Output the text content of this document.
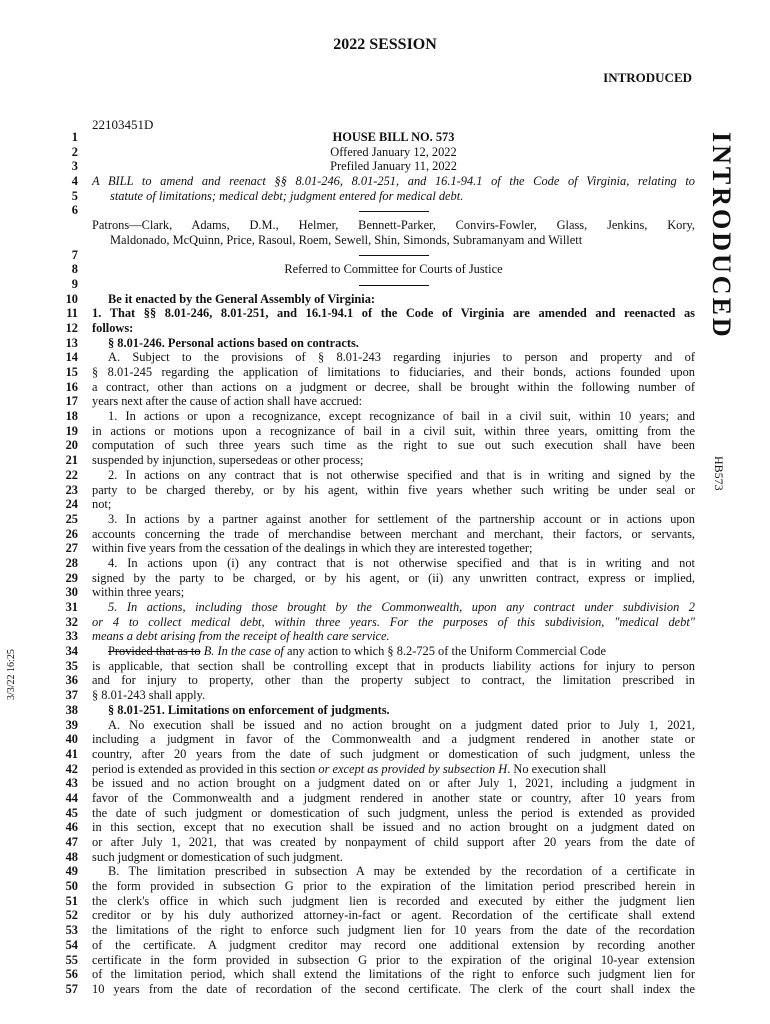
2022 SESSION
INTRODUCED
22103451D
INTRODUCED
HB573
3/3/22 16:25
1	HOUSE BILL NO. 573
2	Offered January 12, 2022
3	Prefiled January 11, 2022
4 A BILL to amend and reenact §§ 8.01-246, 8.01-251, and 16.1-94.1 of the Code of Virginia, relating to
5	statute of limitations; medical debt; judgment entered for medical debt.
6
Patrons—Clark, Adams, D.M., Helmer, Bennett-Parker, Convirs-Fowler, Glass, Jenkins, Kory,
Maldonado, McQuinn, Price, Rasoul, Roem, Sewell, Shin, Simonds, Subramanyam and Willett
7
8	Referred to Committee for Courts of Justice
9
10	Be it enacted by the General Assembly of Virginia:
11 1. That §§ 8.01-246, 8.01-251, and 16.1-94.1 of the Code of Virginia are amended and reenacted as
12 follows:
13	§ 8.01-246. Personal actions based on contracts.
14	A. Subject to the provisions of § 8.01-243 regarding injuries to person and property and of
15 § 8.01-245 regarding the application of limitations to fiduciaries, and their bonds, actions founded upon
16 a contract, other than actions on a judgment or decree, shall be brought within the following number of
17 years next after the cause of action shall have accrued:
18	1. In actions or upon a recognizance, except recognizance of bail in a civil suit, within 10 years; and
19 in actions or motions upon a recognizance of bail in a civil suit, within three years, omitting from the
20 computation of such three years such time as the right to sue out such execution shall have been
21 suspended by injunction, supersedeas or other process;
22	2. In actions on any contract that is not otherwise specified and that is in writing and signed by the
23 party to be charged thereby, or by his agent, within five years whether such writing be under seal or
24 not;
25	3. In actions by a partner against another for settlement of the partnership account or in actions upon
26 accounts concerning the trade of merchandise between merchant and merchant, their factors, or servants,
27 within five years from the cessation of the dealings in which they are interested together;
28	4. In actions upon (i) any contract that is not otherwise specified and that is in writing and not
29 signed by the party to be charged, or by his agent, or (ii) any unwritten contract, express or implied,
30 within three years;
31	5. In actions, including those brought by the Commonwealth, upon any contract under subdivision 2
32 or 4 to collect medical debt, within three years. For the purposes of this subdivision, "medical debt"
33 means a debt arising from the receipt of health care service.
34	Provided that as to B. In the case of any action to which § 8.2-725 of the Uniform Commercial Code
35 is applicable, that section shall be controlling except that in products liability actions for injury to person
36 and for injury to property, other than the property subject to contract, the limitation prescribed in
37 § 8.01-243 shall apply.
38	§ 8.01-251. Limitations on enforcement of judgments.
39	A. No execution shall be issued and no action brought on a judgment dated prior to July 1, 2021,
40 including a judgment in favor of the Commonwealth and a judgment rendered in another state or
41 country, after 20 years from the date of such judgment or domestication of such judgment, unless the
42 period is extended as provided in this section or except as provided by subsection H. No execution shall
43 be issued and no action brought on a judgment dated on or after July 1, 2021, including a judgment in
44 favor of the Commonwealth and a judgment rendered in another state or country, after 10 years from
45 the date of such judgment or domestication of such judgment, unless the period is extended as provided
46 in this section, except that no execution shall be issued and no action brought on a judgment dated on
47 or after July 1, 2021, that was created by nonpayment of child support after 20 years from the date of
48 such judgment or domestication of such judgment.
49	B. The limitation prescribed in subsection A may be extended by the recordation of a certificate in
50 the form provided in subsection G prior to the expiration of the limitation period prescribed herein in
51 the clerk's office in which such judgment lien is recorded and executed by either the judgment lien
52 creditor or by his duly authorized attorney-in-fact or agent. Recordation of the certificate shall extend
53 the limitations of the right to enforce such judgment lien for 10 years from the date of the recordation
54 of the certificate. A judgment creditor may record one additional extension by recording another
55 certificate in the form provided in subsection G prior to the expiration of the original 10-year extension
56 of the limitation period, which shall extend the limitations of the right to enforce such judgment lien for
57 10 years from the date of recordation of the second certificate. The clerk of the court shall index the
